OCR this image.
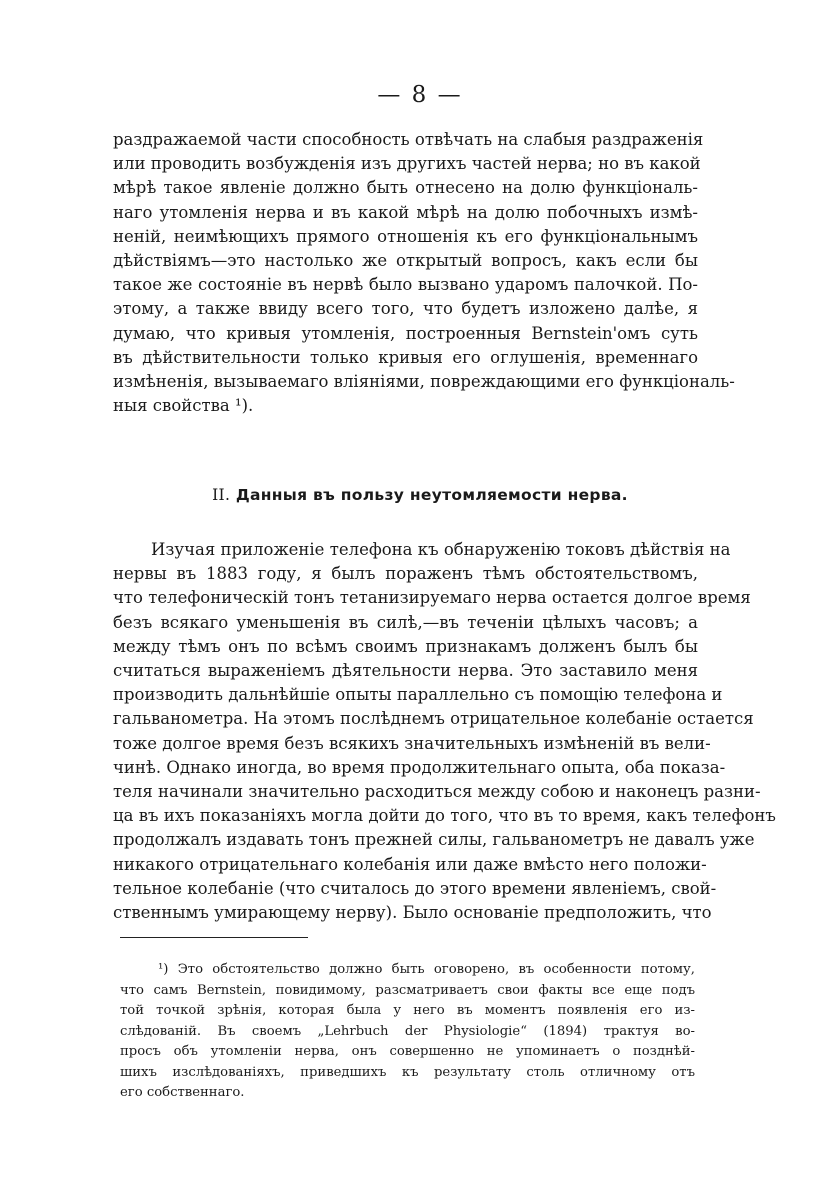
— 8 —
раздражаемой части способность отвѣчать на слабыя раздраженія
или проводить возбужденія изъ другихъ частей нерва; но въ какой
мѣрѣ такое явленіе должно быть отнесено на долю функціональ-
наго утомленія нерва и въ какой мѣрѣ на долю побочныхъ измѣ-
неній, неимѣющихъ прямого отношенія къ его функціональнымъ
дѣйствіямъ—это настолько же открытый вопросъ, какъ если бы
такое же состояніе въ нервѣ было вызвано ударомъ палочкой. По-
этому, а также ввиду всего того, что будетъ изложено далѣе, я
думаю, что кривыя утомленія, построенныя Bernstein'омъ суть
въ дѣйствительности только кривыя его оглушенія, временнаго
измѣненія, вызываемаго вліяніями, повреждающими его функціональ-
ныя свойства ¹).
II. Данныя въ пользу неутомляемости нерва.
Изучая приложеніе телефона къ обнаруженію токовъ дѣйствія на
нервы въ 1883 году, я былъ пораженъ тѣмъ обстоятельствомъ,
что телефоническій тонъ тетанизируемаго нерва остается долгое время
безъ всякаго уменьшенія въ силѣ,—въ теченіи цѣлыхъ часовъ; а
между тѣмъ онъ по всѣмъ своимъ признакамъ долженъ былъ бы
считаться выраженіемъ дѣятельности нерва. Это заставило меня
производить дальнѣйшіе опыты параллельно съ помощію телефона и
гальванометра. На этомъ послѣднемъ отрицательное колебаніе остается
тоже долгое время безъ всякихъ значительныхъ измѣненій въ вели-
чинѣ. Однако иногда, во время продолжительнаго опыта, оба показа-
теля начинали значительно расходиться между собою и наконецъ разни-
ца въ ихъ показаніяхъ могла дойти до того, что въ то время, какъ телефонъ
продолжалъ издавать тонъ прежней силы, гальванометръ не давалъ уже
никакого отрицательнаго колебанія или даже вмѣсто него положи-
тельное колебаніе (что считалось до этого времени явленіемъ, свой-
ственнымъ умирающему нерву). Было основаніе предположить, что
¹) Это обстоятельство должно быть оговорено, въ особенности потому,
что самъ Bernstein, повидимому, разсматриваетъ свои факты все еще подъ
той точкой зрѣнія, которая была у него въ моментъ появленія его из-
слѣдованій. Въ своемъ „Lehrbuch der Physiologie“ (1894) трактуя во-
просъ объ утомленіи нерва, онъ совершенно не упоминаетъ о позднѣй-
шихъ изслѣдованіяхъ, приведшихъ къ результату столь отличному отъ
его собственнаго.
